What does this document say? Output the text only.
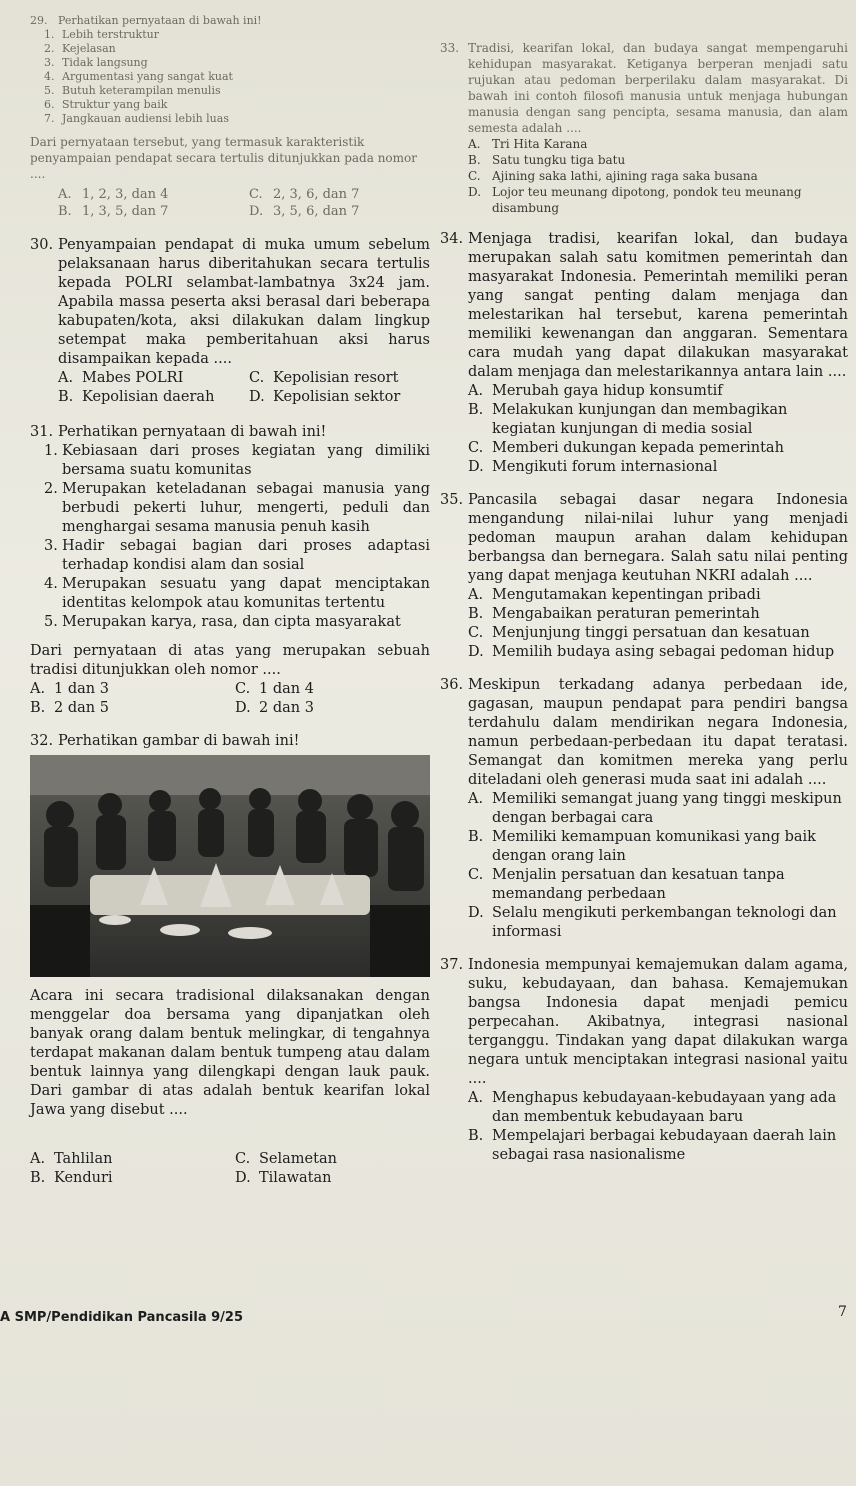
29. Perhatikan pernyataan di bawah ini!
1. Lebih terstruktur
2. Kejelasan
3. Tidak langsung
4. Argumentasi yang sangat kuat
5. Butuh keterampilan menulis
6. Struktur yang baik
7. Jangkauan audiensi lebih luas
Dari pernyataan tersebut, yang termasuk karakteristik penyampaian pendapat secara tertulis ditunjukkan pada nomor ....
A. 1, 2, 3, dan 4	C. 2, 3, 6, dan 7
B. 1, 3, 5, dan 7	D. 3, 5, 6, dan 7
30. Penyampaian pendapat di muka umum sebelum pelaksanaan harus diberitahukan secara tertulis kepada POLRI selambat-lambatnya 3x24 jam. Apabila massa peserta aksi berasal dari beberapa kabupaten/kota, aksi dilakukan dalam lingkup setempat maka pemberitahuan aksi harus disampaikan kepada ....
A. Mabes POLRI	C. Kepolisian resort
B. Kepolisian daerah	D. Kepolisian sektor
31. Perhatikan pernyataan di bawah ini!
1. Kebiasaan dari proses kegiatan yang dimiliki bersama suatu komunitas
2. Merupakan keteladanan sebagai manusia yang berbudi pekerti luhur, mengerti, peduli dan menghargai sesama manusia penuh kasih
3. Hadir sebagai bagian dari proses adaptasi terhadap kondisi alam dan sosial
4. Merupakan sesuatu yang dapat menciptakan identitas kelompok atau komunitas tertentu
5. Merupakan karya, rasa, dan cipta masyarakat
Dari pernyataan di atas yang merupakan sebuah tradisi ditunjukkan oleh nomor ....
A. 1 dan 3	C. 1 dan 4
B. 2 dan 5	D. 2 dan 3
32. Perhatikan gambar di bawah ini!
Acara ini secara tradisional dilaksanakan dengan menggelar doa bersama yang dipanjatkan oleh banyak orang dalam bentuk melingkar, di tengahnya terdapat makanan dalam bentuk tumpeng atau dalam bentuk lainnya yang dilengkapi dengan lauk pauk. Dari gambar di atas adalah bentuk kearifan lokal Jawa yang disebut ....
A. Tahlilan	C. Selametan
B. Kenduri	D. Tilawatan
33. Tradisi, kearifan lokal, dan budaya sangat mempengaruhi kehidupan masyarakat. Ketiganya berperan menjadi satu rujukan atau pedoman berperilaku dalam masyarakat. Di bawah ini contoh filosofi manusia untuk menjaga hubungan manusia dengan sang pencipta, sesama manusia, dan alam semesta adalah ....
A. Tri Hita Karana
B. Satu tungku tiga batu
C. Ajining saka lathi, ajining raga saka busana
D. Lojor teu meunang dipotong, pondok teu meunang disambung
34. Menjaga tradisi, kearifan lokal, dan budaya merupakan salah satu komitmen pemerintah dan masyarakat Indonesia. Pemerintah memiliki peran yang sangat penting dalam menjaga dan melestarikan hal tersebut, karena pemerintah memiliki kewenangan dan anggaran. Sementara cara mudah yang dapat dilakukan masyarakat dalam menjaga dan melestarikannya antara lain ....
A. Merubah gaya hidup konsumtif
B. Melakukan kunjungan dan membagikan kegiatan kunjungan di media sosial
C. Memberi dukungan kepada pemerintah
D. Mengikuti forum internasional
35. Pancasila sebagai dasar negara Indonesia mengandung nilai-nilai luhur yang menjadi pedoman maupun arahan dalam kehidupan berbangsa dan bernegara. Salah satu nilai penting yang dapat menjaga keutuhan NKRI adalah ....
A. Mengutamakan kepentingan pribadi
B. Mengabaikan peraturan pemerintah
C. Menjunjung tinggi persatuan dan kesatuan
D. Memilih budaya asing sebagai pedoman hidup
36. Meskipun terkadang adanya perbedaan ide, gagasan, maupun pendapat para pendiri bangsa terdahulu dalam mendirikan negara Indonesia, namun perbedaan-perbedaan itu dapat teratasi. Semangat dan komitmen mereka yang perlu diteladani oleh generasi muda saat ini adalah ....
A. Memiliki semangat juang yang tinggi meskipun dengan berbagai cara
B. Memiliki kemampuan komunikasi yang baik dengan orang lain
C. Menjalin persatuan dan kesatuan tanpa memandang perbedaan
D. Selalu mengikuti perkembangan teknologi dan informasi
37. Indonesia mempunyai kemajemukan dalam agama, suku, kebudayaan, dan bahasa. Kemajemukan bangsa Indonesia dapat menjadi pemicu perpecahan. Akibatnya, integrasi nasional terganggu. Tindakan yang dapat dilakukan warga negara untuk menciptakan integrasi nasional yaitu ....
A. Menghapus kebudayaan-kebudayaan yang ada dan membentuk kebudayaan baru
B. Mempelajari berbagai kebudayaan daerah lain sebagai rasa nasionalisme
A SMP/Pendidikan Pancasila 9/25	7
